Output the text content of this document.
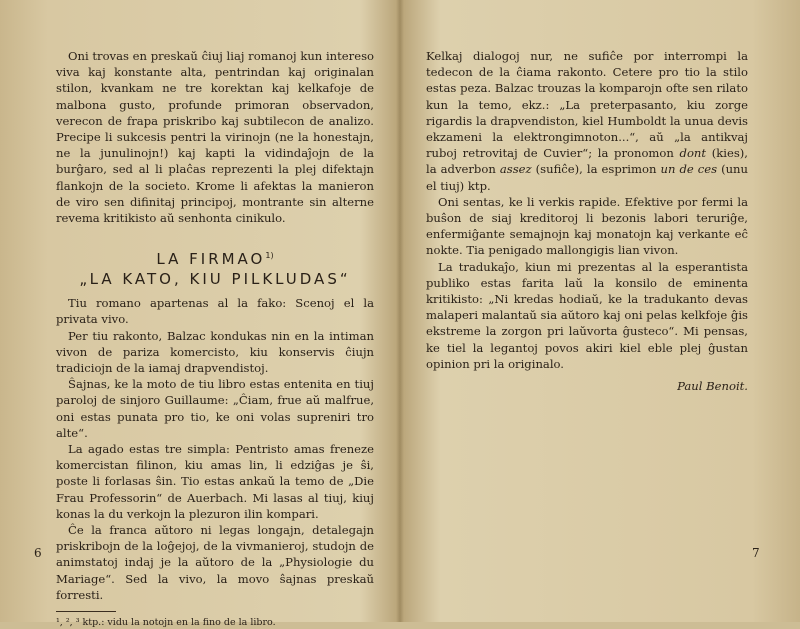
Oni trovas en preskaŭ ĉiuj liaj romanoj kun intereso viva kaj konstante alta, pentrindan kaj originalan stilon, kvankam ne tre korektan kaj kelkafoje de malbona gusto, profunde primoran observadon, verecon de frapa priskribo kaj subtilecon de analizo. Precipe li sukcesis pentri la virinojn (ne la honestajn, ne la junulinojn!) kaj kapti la vidindaĵojn de la burĝaro, sed al li plaĉas reprezenti la plej difektajn flankojn de la societo. Krome li afektas la manieron de viro sen difinitaj principoj, montrante sin alterne revema kritikisto aŭ senhonta cinikulo.

LA FIRMAO$^{1)}$
„LA KATO, KIU PILKLUDAS“

Tiu romano apartenas al la fako: Scenoj el la privata vivo.

Per tiu rakonto, Balzac kondukas nin en la intiman vivon de pariza komercisto, kiu konservis ĉiujn tradiciojn de la iamaj drapvendistoj.

Ŝajnas, ke la moto de tiu libro estas entenita en tiuj paroloj de sinjoro Guillaume: „Ĉiam, frue aŭ malfrue, oni estas punata pro tio, ke oni volas supreniri tro alte“.

La agado estas tre simpla: Pentristo amas freneze komercistan filinon, kiu amas lin, li edziĝas je ŝi, poste li forlasas ŝin. Tio estas ankaŭ la temo de „Die Frau Professorin“ de Auerbach. Mi lasas al tiuj, kiuj konas la du verkojn la plezuron ilin kompari.

Ĉe la franca aŭtoro ni legas longajn, detalegajn priskribojn de la loĝejoj, de la vivmanieroj, studojn de animstatoj indaj je la aŭtoro de la „Physiologie du Mariage“. Sed la vivo, la movo ŝajnas preskaŭ forresti.

¹, ², ³ ktp.: vidu la notojn en la fino de la libro.

6

Kelkaj dialogoj nur, ne sufiĉe por interrompi la tedecon de la ĉiama rakonto. Cetere pro tio la stilo estas peza. Balzac trouzas la komparojn ofte sen rilato kun la temo, ekz.: „La preterpasanto, kiu zorge rigardis la drapvendiston, kiel Humboldt la unua devis ekzameni la elektrongimnoton...“, aŭ „la antikvaj ruboj retrovitaj de Cuvier“; la pronomon dont (kies), la adverbon assez (sufiĉe), la esprimon un de ces (unu el tiuj) ktp.

Oni sentas, ke li verkis rapide. Efektive por fermi la buŝon de siaj kreditoroj li bezonis labori teruriĝe, enfermiĝante semajnojn kaj monatojn kaj verkante eĉ nokte. Tia penigado mallongigis lian vivon.

La tradukaĵo, kiun mi prezentas al la esperantista publiko estas farita laŭ la konsilo de eminenta kritikisto: „Ni kredas hodiaŭ, ke la tradukanto devas malaperi malantaŭ sia aŭtoro kaj oni pelas kelkfoje ĝis ekstreme la zorgon pri laŭvorta ĝusteco“. Mi pensas, ke tiel la legantoj povos akiri kiel eble plej ĝustan opinion pri la originalo.

Paul Benoit.

7
